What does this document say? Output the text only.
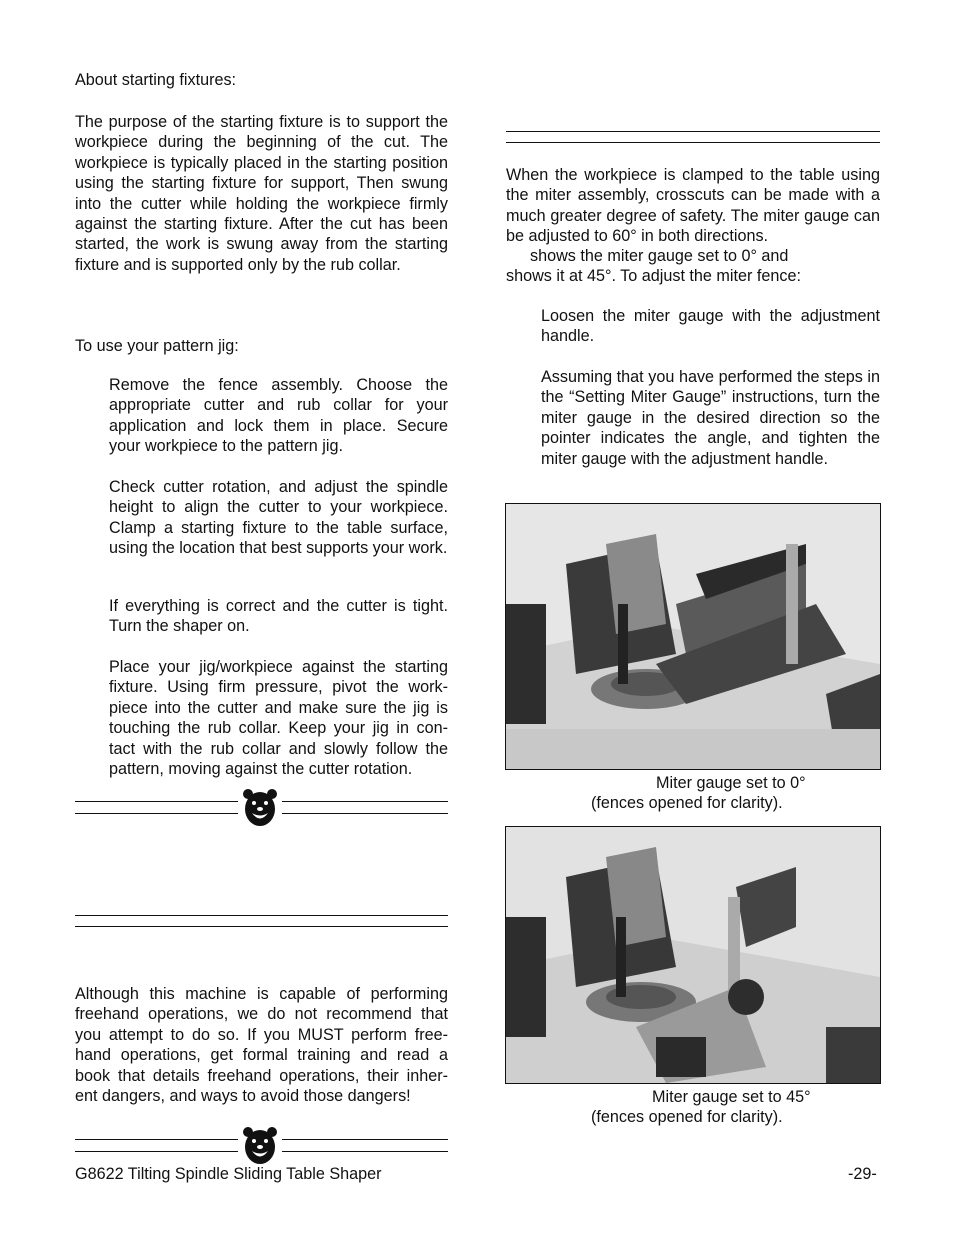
About starting fixtures:
The purpose of the starting fixture is to support the workpiece during the beginning of the cut. The workpiece is typically placed in the starting position using the starting fixture for support, Then swung into the cutter while holding the workpiece firmly against the starting fixture. After the cut has been started, the work is swung away from the starting fixture and is supported only by the rub collar.
To use your pattern jig:
Remove the fence assembly. Choose the appropriate cutter and rub collar for your application and lock them in place. Secure your workpiece to the pattern jig.
Check cutter rotation, and adjust the spindle height to align the cutter to your workpiece. Clamp a starting fixture to the table surface, using the location that best supports your work.
If everything is correct and the cutter is tight. Turn the shaper on.
Place your jig/workpiece against the starting fixture. Using firm pressure, pivot the work-piece into the cutter and make sure the jig is touching the rub collar. Keep your jig in con-tact with the rub collar and slowly follow the pattern, moving against the cutter rotation.
Although this machine is capable of performing freehand operations, we do not recommend that you attempt to do so. If you MUST perform free-hand operations, get formal training and read a book that details freehand operations, their inher-ent dangers, and ways to avoid those dangers!
When the workpiece is clamped to the table using the miter assembly, crosscuts can be made with a much greater degree of safety. The miter gauge can be adjusted to 60° in both directions.
shows the miter gauge set to 0° and
shows it at 45°. To adjust the miter fence:
Loosen the miter gauge with the adjustment handle.
Assuming that you have performed the steps in the “Setting Miter Gauge” instructions, turn the miter gauge in the desired direction so the pointer indicates the angle, and tighten the miter gauge with the adjustment handle.
Miter gauge set to 0°
(fences opened for clarity).
Miter gauge set to 45°
(fences opened for clarity).
G8622 Tilting Spindle Sliding Table Shaper	-29-
